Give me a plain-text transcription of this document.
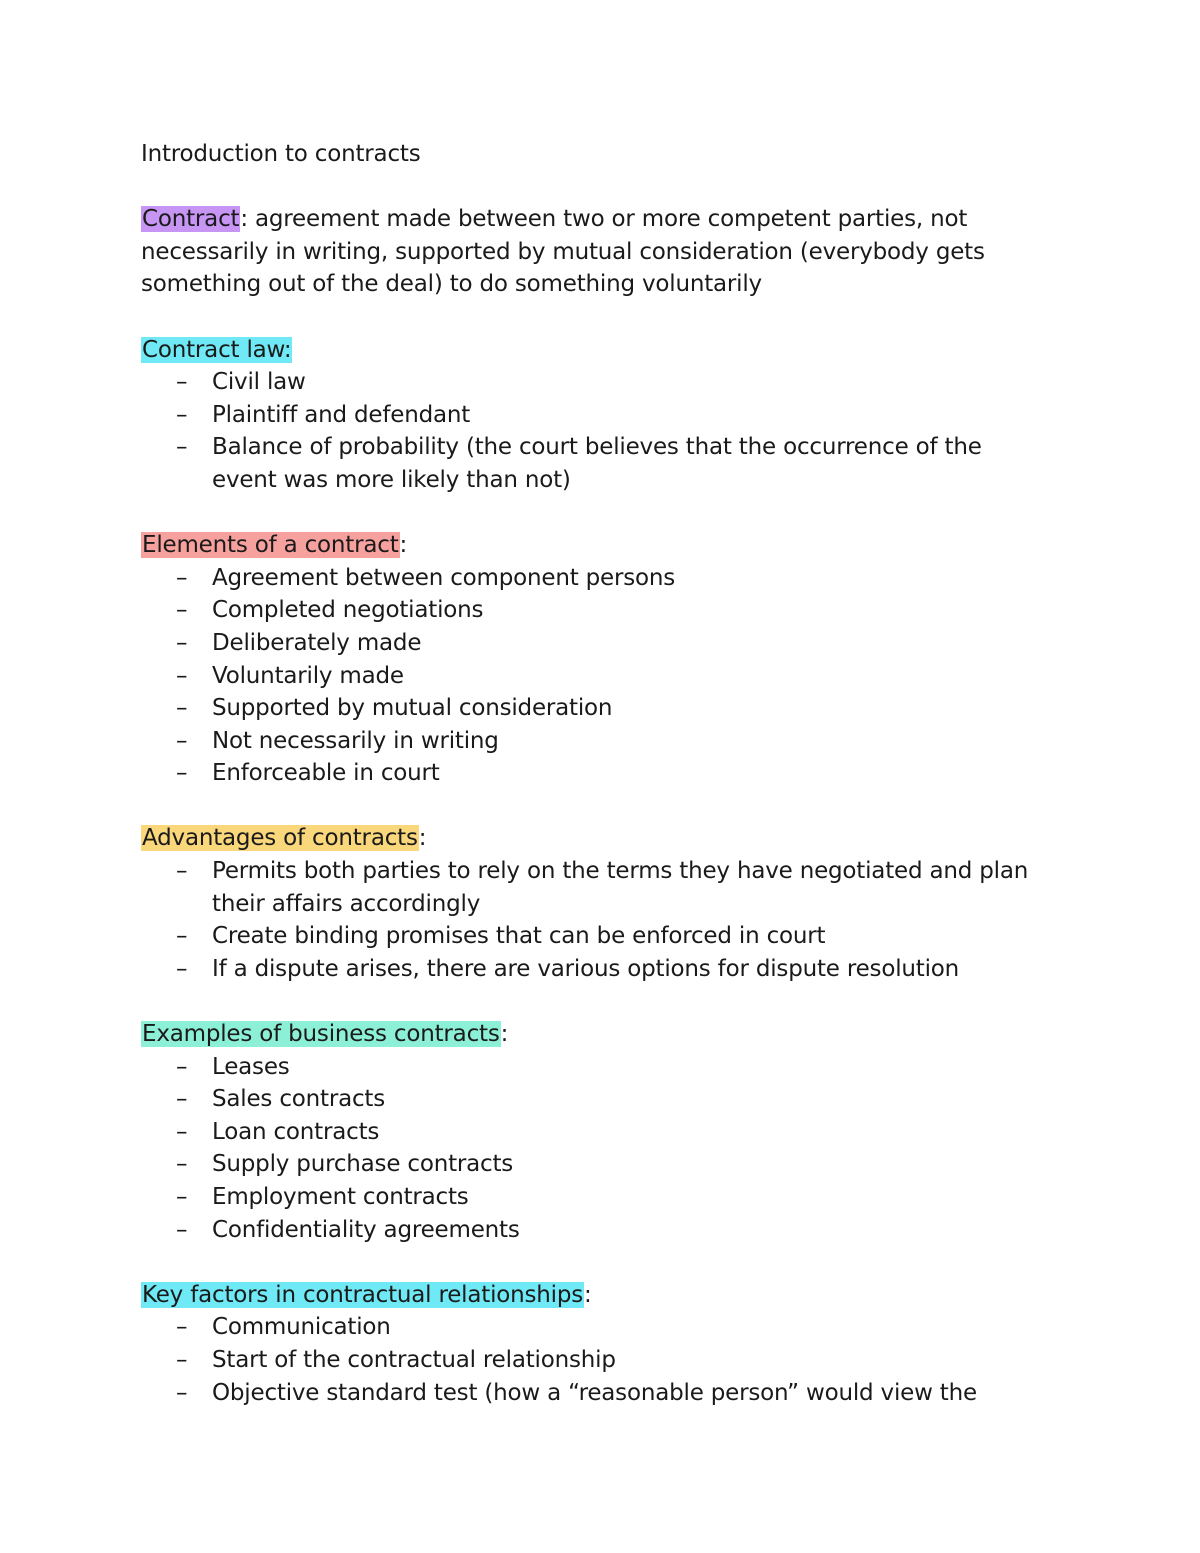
Introduction to contracts

Contract: agreement made between two or more competent parties, not necessarily in writing, supported by mutual consideration (everybody gets something out of the deal) to do something voluntarily

Contract law:

– Civil law
– Plaintiff and defendant
– Balance of probability (the court believes that the occurrence of the event was more likely than not)

Elements of a contract:

– Agreement between component persons
– Completed negotiations
– Deliberately made
– Voluntarily made
– Supported by mutual consideration
– Not necessarily in writing
– Enforceable in court

Advantages of contracts:

– Permits both parties to rely on the terms they have negotiated and plan their affairs accordingly
– Create binding promises that can be enforced in court
– If a dispute arises, there are various options for dispute resolution

Examples of business contracts:

– Leases
– Sales contracts
– Loan contracts
– Supply purchase contracts
– Employment contracts
– Confidentiality agreements

Key factors in contractual relationships:

– Communication
– Start of the contractual relationship
– Objective standard test (how a “reasonable person” would view the
